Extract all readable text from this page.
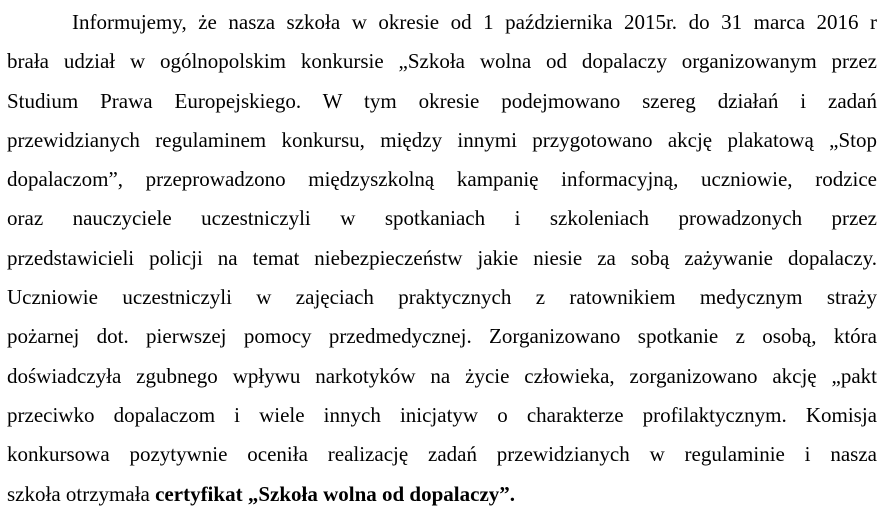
Informujemy, że nasza szkoła w okresie od 1 października 2015r. do 31 marca 2016 r
brała udział w ogólnopolskim konkursie „Szkoła wolna od dopalaczy organizowanym przez
Studium Prawa Europejskiego. W tym okresie podejmowano szereg działań i zadań
przewidzianych regulaminem konkursu, między innymi przygotowano akcję plakatową „Stop
dopalaczom”, przeprowadzono międzyszkolną kampanię informacyjną, uczniowie, rodzice
oraz nauczyciele uczestniczyli w spotkaniach i szkoleniach prowadzonych przez
przedstawicieli policji na temat niebezpieczeństw jakie niesie za sobą zażywanie dopalaczy.
Uczniowie uczestniczyli w zajęciach praktycznych z ratownikiem medycznym straży
pożarnej dot. pierwszej pomocy przedmedycznej. Zorganizowano spotkanie z osobą, która
doświadczyła zgubnego wpływu narkotyków na życie człowieka, zorganizowano akcję „pakt
przeciwko dopalaczom i wiele innych inicjatyw o charakterze profilaktycznym. Komisja
konkursowa pozytywnie oceniła realizację zadań przewidzianych w regulaminie i nasza
szkoła otrzymała certyfikat „Szkoła wolna od dopalaczy”.
